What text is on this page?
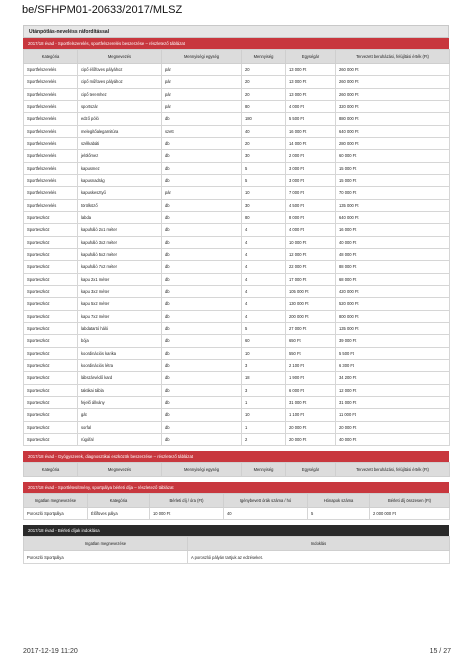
be/SFHPM01-20633/2017/MLSZ
Utánpótlás-neveléss ráfordítással
2017/18 évad - Sportfelszerelés, sportfelszerelés beszerzése – részletező táblázat
Kategória	Megnevezés	Mennyiségi egység	Mennyiség	Egységár	Tervezett beruházási, felújítási érték (Ft)
Sportfelszerelés	cipő élőfüves pályához	pár	20	13 000 Ft	260 000 Ft
Sportfelszerelés	cipő műfüves pályához	pár	20	13 000 Ft	260 000 Ft
Sportfelszerelés	cipő teremhez	pár	20	13 000 Ft	260 000 Ft
Sportfelszerelés	sportszár	pár	80	4 000 Ft	320 000 Ft
Sportfelszerelés	edző póló	db	180	5 500 Ft	880 000 Ft
Sportfelszerelés	melegítőalegarnitúra	szett	40	16 000 Ft	640 000 Ft
Sportfelszerelés	szélkabáti	db	20	14 000 Ft	280 000 Ft
Sportfelszerelés	jelölőmez	db	30	2 000 Ft	60 000 Ft
Sportfelszerelés	kapusmez	db	5	3 000 Ft	15 000 Ft
Sportfelszerelés	kapusnadrág	db	5	3 000 Ft	15 000 Ft
Sportfelszerelés	kapuskesztyű	pár	10	7 000 Ft	70 000 Ft
Sportfelszerelés	törölköző	db	30	4 500 Ft	135 000 Ft
Sporteszköz	labda	db	80	8 000 Ft	640 000 Ft
Sporteszköz	kapuháló 2x1 méter	db	4	4 000 Ft	16 000 Ft
Sporteszköz	kapuháló 3x2 méter	db	4	10 000 Ft	40 000 Ft
Sporteszköz	kapuháló 5x2 méter	db	4	12 000 Ft	48 000 Ft
Sporteszköz	kapuháló 7x2 méter	db	4	22 000 Ft	88 000 Ft
Sporteszköz	kapu 2x1 méter	db	4	17 000 Ft	68 000 Ft
Sporteszköz	kapu 3x2 méter	db	4	105 000 Ft	420 000 Ft
Sporteszköz	kapu 5x2 méter	db	4	130 000 Ft	520 000 Ft
Sporteszköz	kapu 7x2 méter	db	4	200 000 Ft	800 000 Ft
Sporteszköz	labdatartó háló	db	5	27 000 Ft	135 000 Ft
Sporteszköz	bója	db	60	650 Ft	39 000 Ft
Sporteszköz	koordinációs karika	db	10	550 Ft	5 500 Ft
Sporteszköz	koordinációs létra	db	3	2 100 Ft	6 300 Ft
Sporteszköz	lábszárvédő kard	db	18	1 900 Ft	34 200 Ft
Sporteszköz	taktikai tábla	db	3	6 000 Ft	12 000 Ft
Sporteszköz	fejelő állvány	db	1	31 000 Ft	31 000 Ft
Sporteszköz	gát	db	10	1 100 Ft	11 000 Ft
Sporteszköz	sorfal	db	1	20 000 Ft	20 000 Ft
Sporteszköz	rúgófal	db	2	20 000 Ft	40 000 Ft
2017/18 évad - Gyógyszerek, diagnosztikai eszközök beszerzése – részletező táblázat
Kategória	Megnevezés	Mennyiségi egység	Mennyiség	Egységár	Tervezett beruházási, felújítási érték (Ft)
2017/18 évad - Sportlétesítmény, sportpálya bérleti díja – részletező táblázat
Ingatlan megnevezése	Kategória	Bérleti díj / óra (Ft)	Igénybevett órák száma / hó	Hónapok száma	Bérleti díj összesen (Ft)
Poroszló Sportpálya	Élőfüves pálya	10 000 Ft	40	5	2 000 000 Ft
2017/18 évad - Bérleti díjak indoklása
Ingatlan megnevezése	Indoklás
Poroszló Sportpálya	A poroszlói pályán tartjuk az edzéseket.
2017-12-19 11:20	15 / 27
